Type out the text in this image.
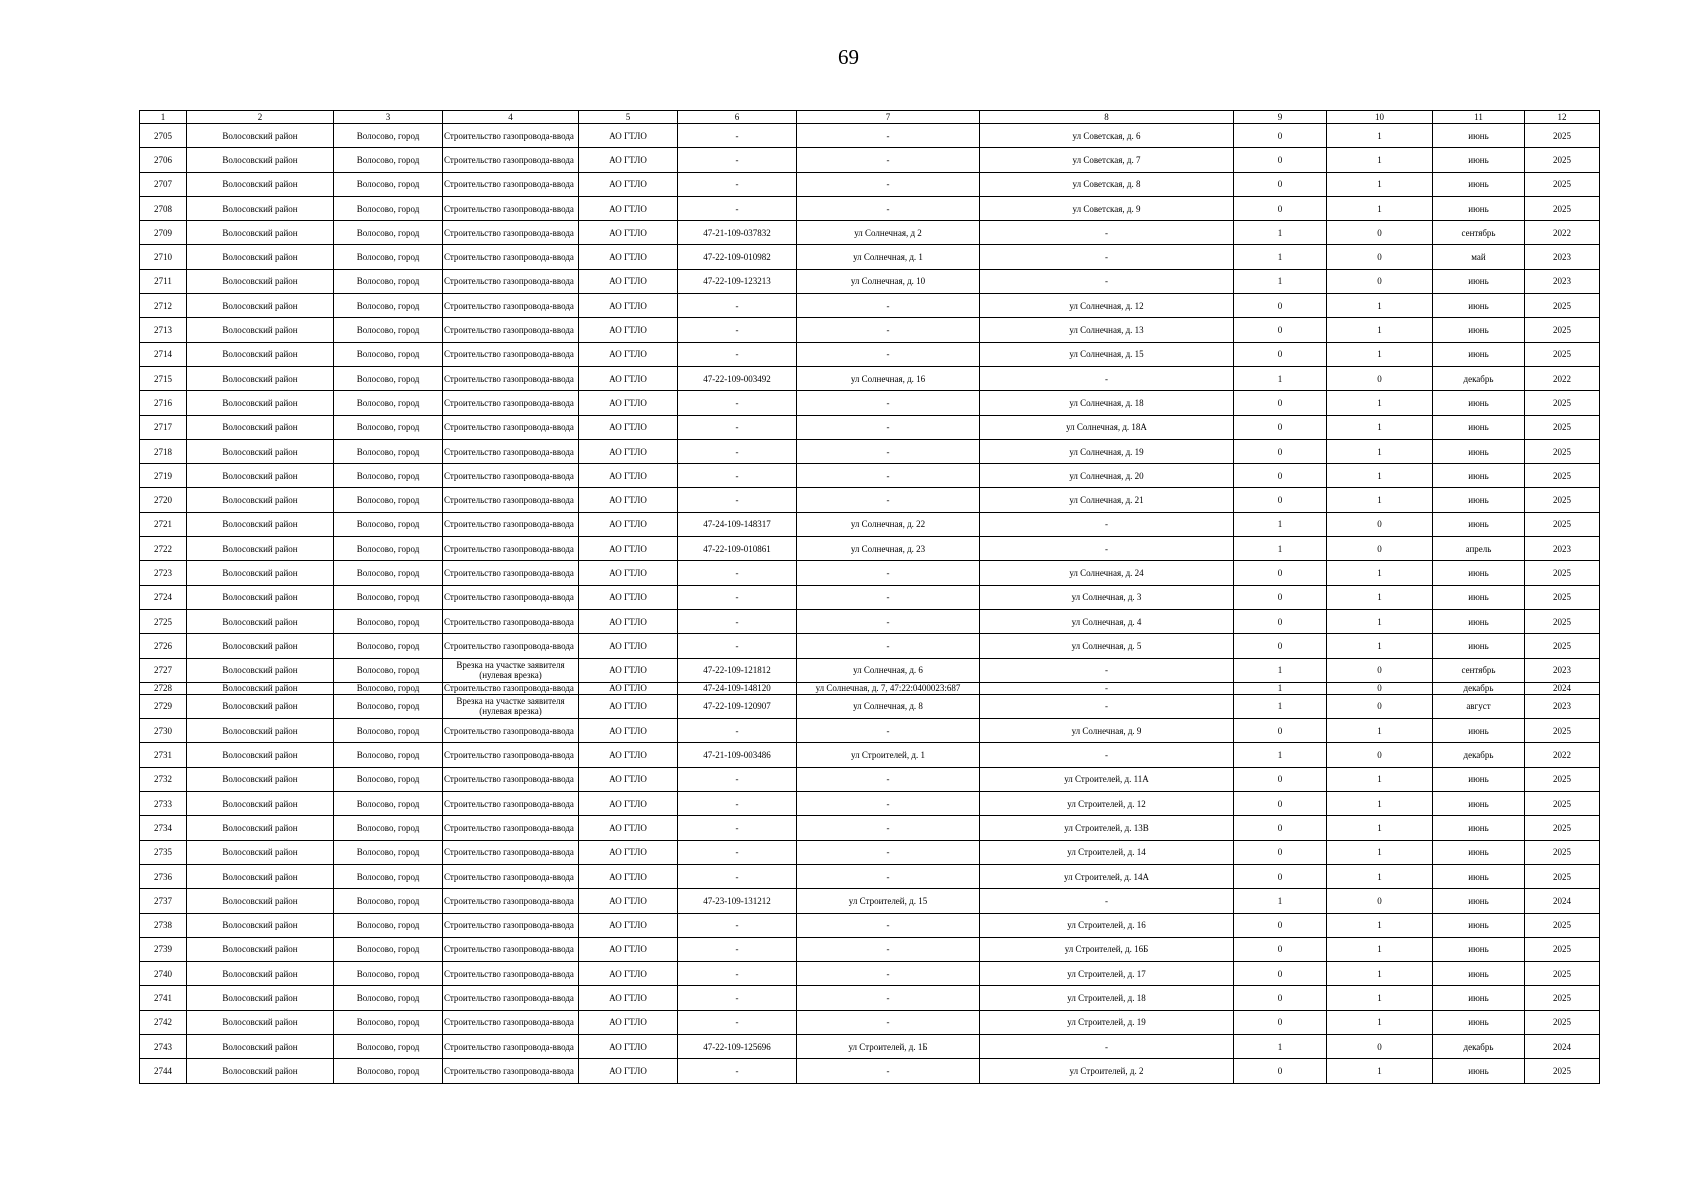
69
1	2	3	4	5	6	7	8	9	10	11	12
2705	Волосовский район	Волосово, город	Строительство газопровода-ввода	АО ГТЛО	-	-	ул Советская, д. 6	0	1	июнь	2025
2706	Волосовский район	Волосово, город	Строительство газопровода-ввода	АО ГТЛО	-	-	ул Советская, д. 7	0	1	июнь	2025
2707	Волосовский район	Волосово, город	Строительство газопровода-ввода	АО ГТЛО	-	-	ул Советская, д. 8	0	1	июнь	2025
2708	Волосовский район	Волосово, город	Строительство газопровода-ввода	АО ГТЛО	-	-	ул Советская, д. 9	0	1	июнь	2025
2709	Волосовский район	Волосово, город	Строительство газопровода-ввода	АО ГТЛО	47-21-109-037832	ул Солнечная, д 2	-	1	0	сентябрь	2022
2710	Волосовский район	Волосово, город	Строительство газопровода-ввода	АО ГТЛО	47-22-109-010982	ул Солнечная, д. 1	-	1	0	май	2023
2711	Волосовский район	Волосово, город	Строительство газопровода-ввода	АО ГТЛО	47-22-109-123213	ул Солнечная, д. 10	-	1	0	июнь	2023
2712	Волосовский район	Волосово, город	Строительство газопровода-ввода	АО ГТЛО	-	-	ул Солнечная, д. 12	0	1	июнь	2025
2713	Волосовский район	Волосово, город	Строительство газопровода-ввода	АО ГТЛО	-	-	ул Солнечная, д. 13	0	1	июнь	2025
2714	Волосовский район	Волосово, город	Строительство газопровода-ввода	АО ГТЛО	-	-	ул Солнечная, д. 15	0	1	июнь	2025
2715	Волосовский район	Волосово, город	Строительство газопровода-ввода	АО ГТЛО	47-22-109-003492	ул Солнечная, д. 16	-	1	0	декабрь	2022
2716	Волосовский район	Волосово, город	Строительство газопровода-ввода	АО ГТЛО	-	-	ул Солнечная, д. 18	0	1	июнь	2025
2717	Волосовский район	Волосово, город	Строительство газопровода-ввода	АО ГТЛО	-	-	ул Солнечная, д. 18А	0	1	июнь	2025
2718	Волосовский район	Волосово, город	Строительство газопровода-ввода	АО ГТЛО	-	-	ул Солнечная, д. 19	0	1	июнь	2025
2719	Волосовский район	Волосово, город	Строительство газопровода-ввода	АО ГТЛО	-	-	ул Солнечная, д. 20	0	1	июнь	2025
2720	Волосовский район	Волосово, город	Строительство газопровода-ввода	АО ГТЛО	-	-	ул Солнечная, д. 21	0	1	июнь	2025
2721	Волосовский район	Волосово, город	Строительство газопровода-ввода	АО ГТЛО	47-24-109-148317	ул Солнечная, д. 22	-	1	0	июнь	2025
2722	Волосовский район	Волосово, город	Строительство газопровода-ввода	АО ГТЛО	47-22-109-010861	ул Солнечная, д. 23	-	1	0	апрель	2023
2723	Волосовский район	Волосово, город	Строительство газопровода-ввода	АО ГТЛО	-	-	ул Солнечная, д. 24	0	1	июнь	2025
2724	Волосовский район	Волосово, город	Строительство газопровода-ввода	АО ГТЛО	-	-	ул Солнечная, д. 3	0	1	июнь	2025
2725	Волосовский район	Волосово, город	Строительство газопровода-ввода	АО ГТЛО	-	-	ул Солнечная, д. 4	0	1	июнь	2025
2726	Волосовский район	Волосово, город	Строительство газопровода-ввода	АО ГТЛО	-	-	ул Солнечная, д. 5	0	1	июнь	2025
2727	Волосовский район	Волосово, город	Врезка на участке заявителя (нулевая врезка)	АО ГТЛО	47-22-109-121812	ул Солнечная, д. 6	-	1	0	сентябрь	2023
2728	Волосовский район	Волосово, город	Строительство газопровода-ввода	АО ГТЛО	47-24-109-148120	ул Солнечная, д. 7, 47:22:0400023:687	-	1	0	декабрь	2024
2729	Волосовский район	Волосово, город	Врезка на участке заявителя (нулевая врезка)	АО ГТЛО	47-22-109-120907	ул Солнечная, д. 8	-	1	0	август	2023
2730	Волосовский район	Волосово, город	Строительство газопровода-ввода	АО ГТЛО	-	-	ул Солнечная, д. 9	0	1	июнь	2025
2731	Волосовский район	Волосово, город	Строительство газопровода-ввода	АО ГТЛО	47-21-109-003486	ул Строителей, д. 1	-	1	0	декабрь	2022
2732	Волосовский район	Волосово, город	Строительство газопровода-ввода	АО ГТЛО	-	-	ул Строителей, д. 11А	0	1	июнь	2025
2733	Волосовский район	Волосово, город	Строительство газопровода-ввода	АО ГТЛО	-	-	ул Строителей, д. 12	0	1	июнь	2025
2734	Волосовский район	Волосово, город	Строительство газопровода-ввода	АО ГТЛО	-	-	ул Строителей, д. 13В	0	1	июнь	2025
2735	Волосовский район	Волосово, город	Строительство газопровода-ввода	АО ГТЛО	-	-	ул Строителей, д. 14	0	1	июнь	2025
2736	Волосовский район	Волосово, город	Строительство газопровода-ввода	АО ГТЛО	-	-	ул Строителей, д. 14А	0	1	июнь	2025
2737	Волосовский район	Волосово, город	Строительство газопровода-ввода	АО ГТЛО	47-23-109-131212	ул Строителей, д. 15	-	1	0	июнь	2024
2738	Волосовский район	Волосово, город	Строительство газопровода-ввода	АО ГТЛО	-	-	ул Строителей, д. 16	0	1	июнь	2025
2739	Волосовский район	Волосово, город	Строительство газопровода-ввода	АО ГТЛО	-	-	ул Строителей, д. 16Б	0	1	июнь	2025
2740	Волосовский район	Волосово, город	Строительство газопровода-ввода	АО ГТЛО	-	-	ул Строителей, д. 17	0	1	июнь	2025
2741	Волосовский район	Волосово, город	Строительство газопровода-ввода	АО ГТЛО	-	-	ул Строителей, д. 18	0	1	июнь	2025
2742	Волосовский район	Волосово, город	Строительство газопровода-ввода	АО ГТЛО	-	-	ул Строителей, д. 19	0	1	июнь	2025
2743	Волосовский район	Волосово, город	Строительство газопровода-ввода	АО ГТЛО	47-22-109-125696	ул Строителей, д. 1Б	-	1	0	декабрь	2024
2744	Волосовский район	Волосово, город	Строительство газопровода-ввода	АО ГТЛО	-	-	ул Строителей, д. 2	0	1	июнь	2025
